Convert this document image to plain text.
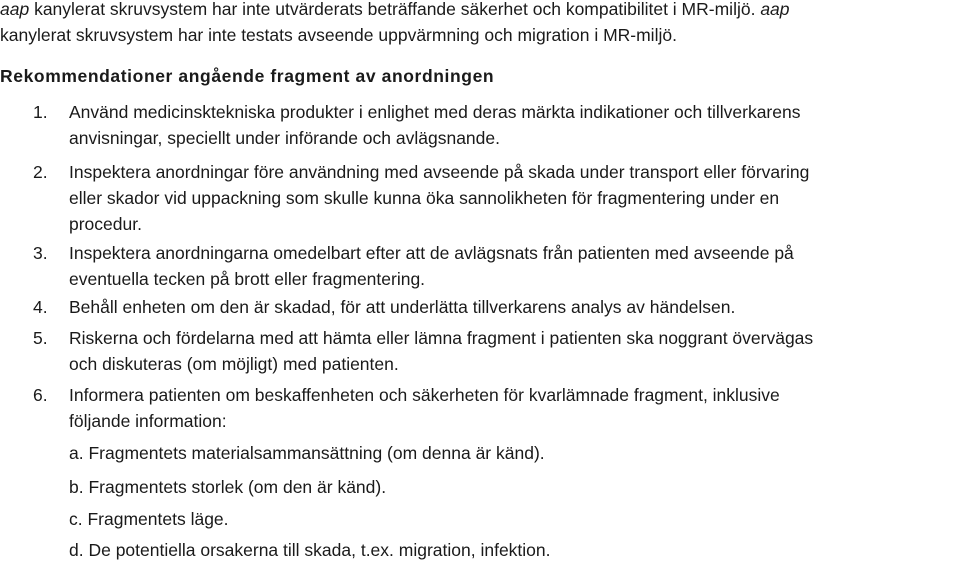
aap kanylerat skruvsystem har inte utvärderats beträffande säkerhet och kompatibilitet i MR-miljö. aap

kanylerat skruvsystem har inte testats avseende uppvärmning och migration i MR-miljö.

Rekommendationer angående fragment av anordningen
1. Använd medicinsktekniska produkter i enlighet med deras märkta indikationer och tillverkarens
anvisningar, speciellt under införande och avlägsnande.
2. Inspektera anordningar före användning med avseende på skada under transport eller förvaring
eller skador vid uppackning som skulle kunna öka sannolikheten för fragmentering under en
procedur.
3. Inspektera anordningarna omedelbart efter att de avlägsnats från patienten med avseende på
eventuella tecken på brott eller fragmentering.
4. Behåll enheten om den är skadad, för att underlätta tillverkarens analys av händelsen.
5. Riskerna och fördelarna med att hämta eller lämna fragment i patienten ska noggrant övervägas
och diskuteras (om möjligt) med patienten.
6. Informera patienten om beskaffenheten och säkerheten för kvarlämnade fragment, inklusive
följande information:
a. Fragmentets materialsammansättning (om denna är känd).
b. Fragmentets storlek (om den är känd).
c. Fragmentets läge.
d. De potentiella orsakerna till skada, t.ex. migration, infektion.
